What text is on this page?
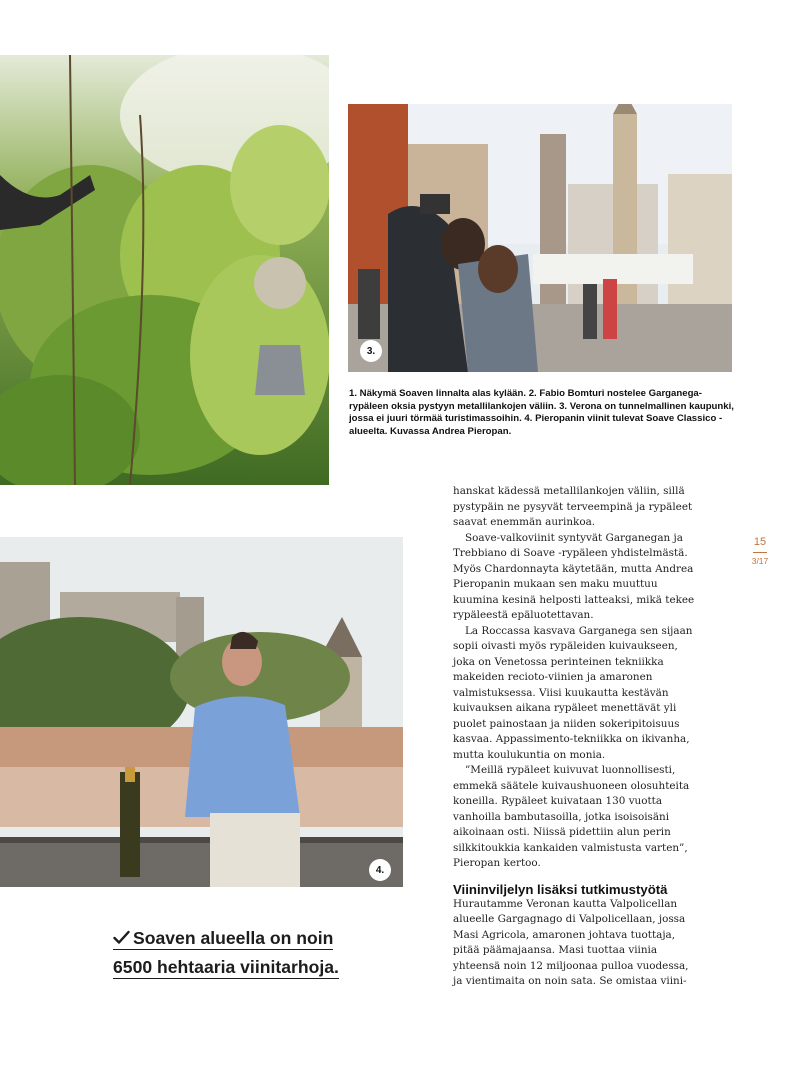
3.

1. Näkymä Soaven linnalta alas kylään. 2. Fabio Bomturi nostelee Garganega-rypäleen oksia pystyyn metallilankojen väliin. 3. Verona on tunnelmallinen kaupunki, jossa ei juuri törmää turistimassoihin. 4. Pieropanin viinit tulevat Soave Classico -alueelta. Kuvassa Andrea Pieropan.

4.

hanskat kädessä metallilankojen väliin, sillä pystypäin ne pysyvät terveempinä ja rypäleet saavat enemmän aurinkoa.

Soave-valkoviinit syntyvät Garganegan ja Trebbiano di Soave -rypäleen yhdistelmästä. Myös Chardonnayta käytetään, mutta Andrea Pieropanin mukaan sen maku muuttuu kuumina kesinä helposti latteaksi, mikä tekee rypäleestä epäluotettavan.

La Roccassa kasvava Garganega sen sijaan sopii oivasti myös rypäleiden kuivaukseen, joka on Venetossa perinteinen tekniikka makeiden recioto-viinien ja amaronen valmistuksessa. Viisi kuukautta kestävän kuivauksen aikana rypäleet menettävät yli puolet painostaan ja niiden sokeripitoisuus kasvaa. Appassimento-tekniikka on ikivanha, mutta koulukuntia on monia.

”Meillä rypäleet kuivuvat luonnollisesti, emmekä säätele kuivaushuoneen olosuhteita koneilla. Rypäleet kuivataan 130 vuotta vanhoilla bambutasoilla, jotka isoisoisäni aikoinaan osti. Niissä pidettiin alun perin silkkitoukkia kankaiden valmistusta varten”, Pieropan kertoo.

Viininviljelyn lisäksi tutkimustyötä

Hurautamme Veronan kautta Valpolicellan alueelle Gargagnago di Valpolicellaan, jossa Masi Agricola, amaronen johtava tuottaja, pitää päämajaansa. Masi tuottaa viinia yhteensä noin 12 miljoonaa pulloa vuodessa, ja vientimaita on noin sata. Se omistaa viini-

15
3/17
Soaven alueella on noin
6500 hehtaaria viinitarhoja.
